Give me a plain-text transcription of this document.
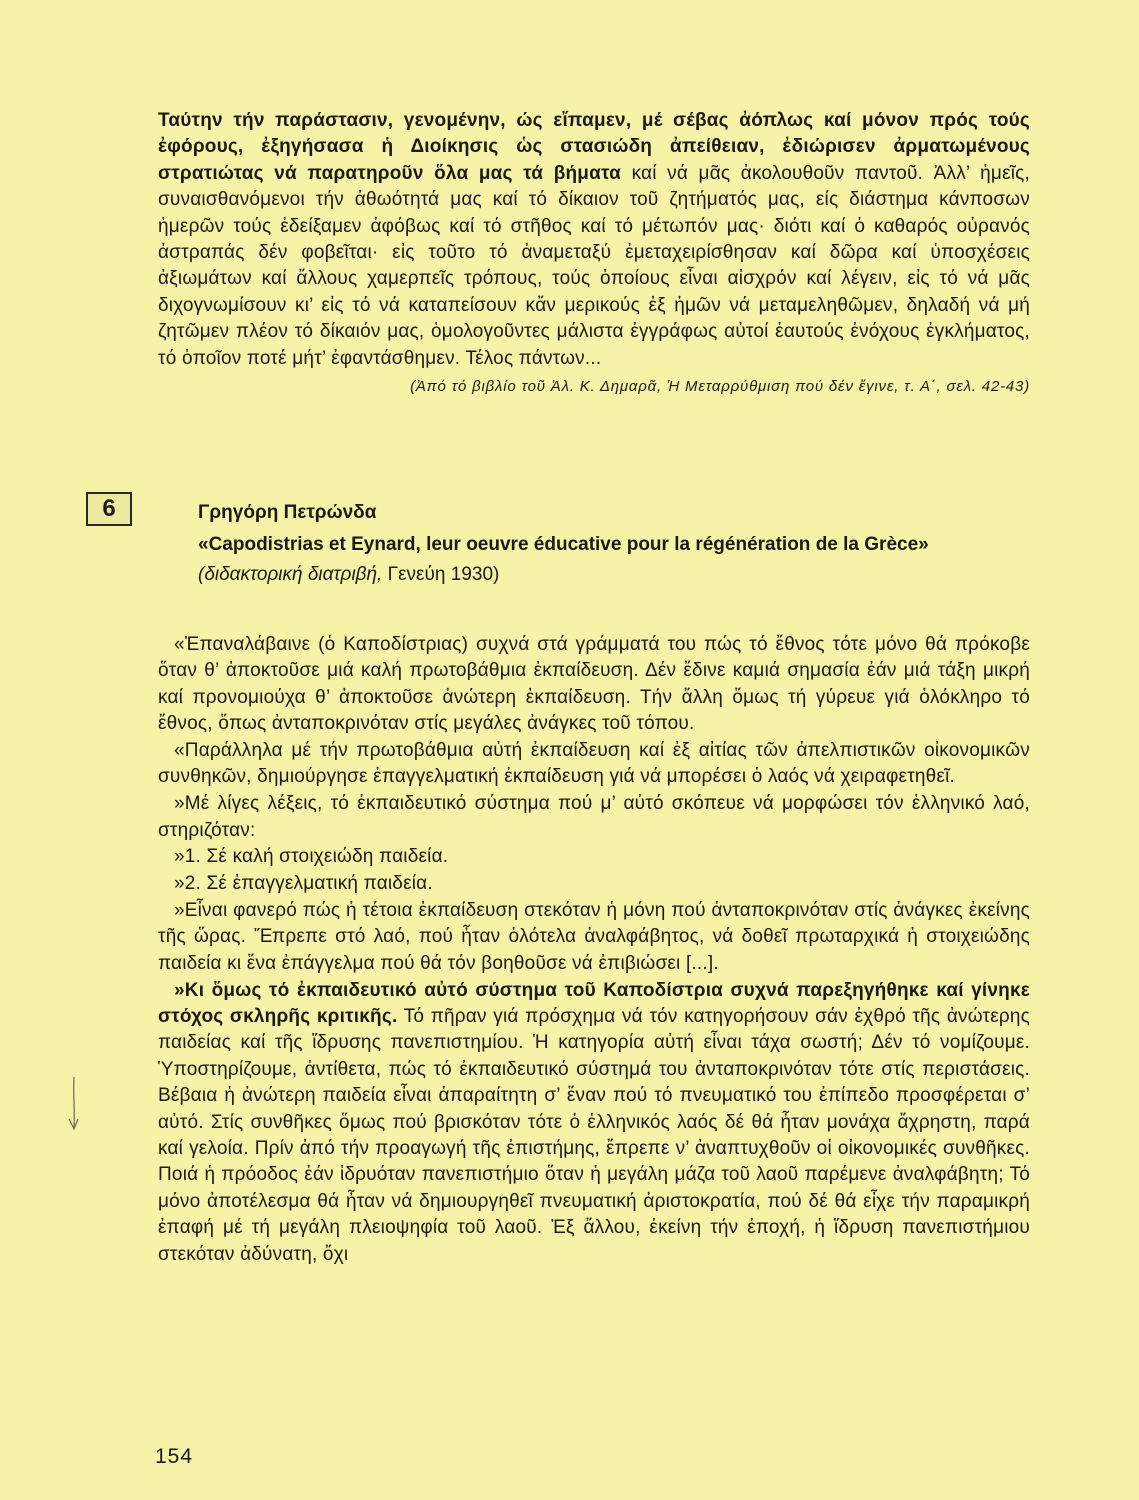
Ταύτην τήν παράστασιν, γενομένην, ώς εἴπαμεν, μέ σέβας ἀόπλως καί μόνον πρός τούς ἐφόρους, ἐξηγήσασα ἡ Διοίκησις ὡς στασιώδη ἀπείθειαν, ἐδιώρισεν ἀρματωμένους στρατιώτας νά παρατηροῦν ὅλα μας τά βήματα καί νά μᾶς ἀκολουθοῦν παντοῦ. Ἀλλ’ ἡμεῖς, συναισθανόμενοι τήν ἀθωότητά μας καί τό δίκαιον τοῦ ζητήματός μας, είς διάστημα κάνποσων ἡμερῶν τούς ἐδείξαμεν ἀφόβως καί τό στῆθος καί τό μέτωπόν μας· διότι καί ὁ καθαρός οὐρανός ἀστραπάς δέν φοβεῖται· εἰς τοῦτο τό ἀναμεταξύ ἐμεταχειρίσθησαν καί δῶρα καί ὑποσχέσεις ἀξιωμάτων καί ἄλλους χαμερπεῖς τρόπους, τούς ὁποίους εἶναι αἰσχρόν καί λέγειν, εἰς τό νά μᾶς διχογνωμίσουν κι’ εἰς τό νά καταπείσουν κἄν μερικούς ἐξ ἡμῶν νά μεταμεληθῶμεν, δηλαδή νά μή ζητῶμεν πλέον τό δίκαιόν μας, ὁμολογοῦντες μάλιστα ἐγγράφως αὐτοί ἑαυτούς ἐνόχους ἐγκλήματος, τό ὁποῖον ποτέ μήτ’ ἐφαντάσθημεν. Τέλος πάντων...

(Ἀπό τό βιβλίο τοῦ Ἀλ. Κ. Δημαρᾶ, Ἡ Μεταρρύθμιση πού δέν ἔγινε, τ. Α΄, σελ. 42-43)
6	Γρηγόρη Πετρώνδα
«Capodistrias et Eynard, leur oeuvre éducative pour la régénération de la Grèce»
(διδακτορική διατριβή, Γενεύη 1930)

«Ἐπαναλάβαινε (ὁ Καποδίστριας) συχνά στά γράμματά του πώς τό ἔθνος τότε μόνο θά πρόκοβε ὅταν θ’ ἀποκτοῦσε μιά καλή πρωτοβάθμια ἐκπαίδευση. Δέν ἔδινε καμιά σημασία ἐάν μιά τάξη μικρή καί προνομιούχα θ’ ἀποκτοῦσε ἀνώτερη ἐκπαίδευση. Τήν ἄλλη ὅμως τή γύρευε γιά ὁλόκληρο τό ἔθνος, ὅπως ἀνταποκρινόταν στίς μεγάλες ἀνάγκες τοῦ τόπου.

«Παράλληλα μέ τήν πρωτοβάθμια αὐτή ἐκπαίδευση καί ἐξ αἰτίας τῶν ἀπελπιστικῶν οἰκονομικῶν συνθηκῶν, δημιούργησε ἐπαγγελματική ἐκπαίδευση γιά νά μπορέσει ὁ λαός νά χειραφετηθεῖ.

»Μέ λίγες λέξεις, τό ἐκπαιδευτικό σύστημα πού μ’ αὐτό σκόπευε νά μορφώσει τόν ἑλληνικό λαό, στηριζόταν:

»1. Σέ καλή στοιχειώδη παιδεία.

»2. Σέ ἐπαγγελματική παιδεία.

»Εἶναι φανερό πώς ἡ τέτοια ἐκπαίδευση στεκόταν ἡ μόνη πού ἀνταποκρινόταν στίς ἀνάγκες ἐκείνης τῆς ὥρας. Ἔπρεπε στό λαό, πού ἦταν ὁλότελα ἀναλφάβητος, νά δοθεῖ πρωταρχικά ἡ στοιχειώδης παιδεία κι ἕνα ἐπάγγελμα πού θά τόν βοηθοῦσε νά ἐπιβιώσει [...].

»Κι ὅμως τό ἐκπαιδευτικό αὐτό σύστημα τοῦ Καποδίστρια συχνά παρεξηγήθηκε καί γίνηκε στόχος σκληρῆς κριτικῆς. Τό πῆραν γιά πρόσχημα νά τόν κατηγορήσουν σάν ἐχθρό τῆς ἀνώτερης παιδείας καί τῆς ἵδρυσης πανεπιστημίου. Ἡ κατηγορία αὐτή εἶναι τάχα σωστή; Δέν τό νομίζουμε. Ὑποστηρίζουμε, ἀντίθετα, πώς τό ἐκπαιδευτικό σύστημά του ἀνταποκρινόταν τότε στίς περιστάσεις. Βέβαια ἡ ἀνώτερη παιδεία εἶναι ἀπαραίτητη σ’ ἕναν πού τό πνευματικό του ἐπίπεδο προσφέρεται σ’ αὐτό. Στίς συνθῆκες ὅμως πού βρισκόταν τότε ὁ ἑλληνικός λαός δέ θά ἦταν μονάχα ἄχρηστη, παρά καί γελοία. Πρίν ἀπό τήν προαγωγή τῆς ἐπιστήμης, ἔπρεπε ν’ ἀναπτυχθοῦν οἱ οἰκονομικές συνθῆκες. Ποιά ἡ πρόοδος ἐάν ἱδρυόταν πανεπιστήμιο ὅταν ἡ μεγάλη μάζα τοῦ λαοῦ παρέμενε ἀναλφάβητη; Τό μόνο ἀποτέλεσμα θά ἦταν νά δημιουργηθεῖ πνευματική ἀριστοκρατία, πού δέ θά εἶχε τήν παραμικρή ἐπαφή μέ τή μεγάλη πλειοψηφία τοῦ λαοῦ. Ἐξ ἄλλου, ἐκείνη τήν ἐποχή, ἡ ἵδρυση πανεπιστήμιου στεκόταν ἀδύνατη, ὄχι

154
